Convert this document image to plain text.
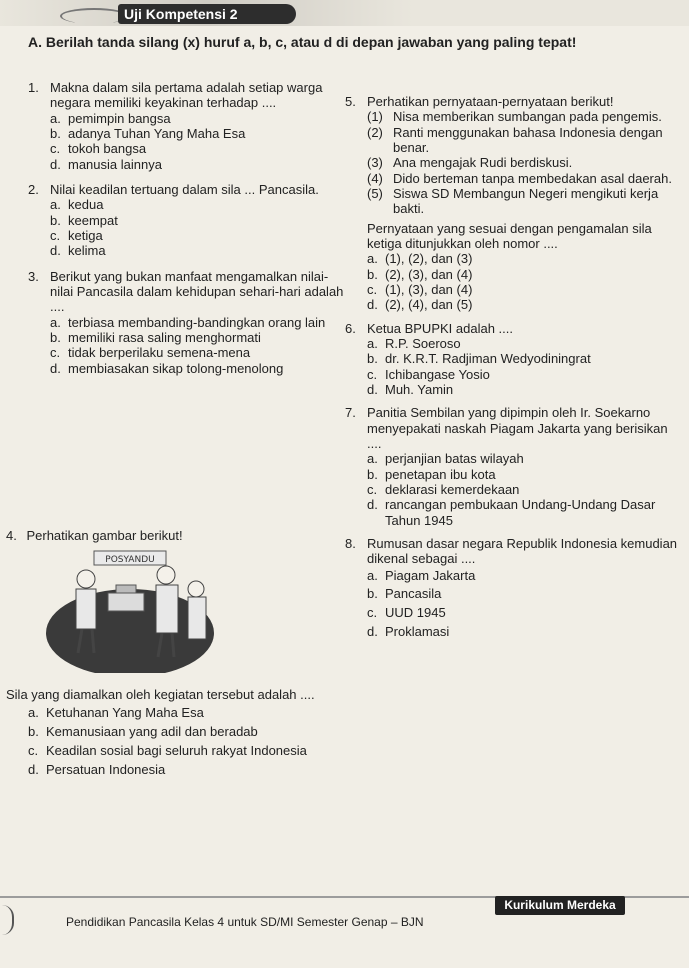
Uji Kompetensi 2
A. Berilah tanda silang (x) huruf a, b, c, atau d di depan jawaban yang paling tepat!
1. Makna dalam sila pertama adalah setiap warga negara memiliki keyakinan terhadap ....
a. pemimpin bangsa
b. adanya Tuhan Yang Maha Esa
c. tokoh bangsa
d. manusia lainnya
2. Nilai keadilan tertuang dalam sila ... Pancasila.
a. kedua
b. keempat
c. ketiga
d. kelima
3. Berikut yang bukan manfaat mengamalkan nilai-nilai Pancasila dalam kehidupan sehari-hari adalah ....
a. terbiasa membanding-bandingkan orang lain
b. memiliki rasa saling menghormati
c. tidak berperilaku semena-mena
d. membiasakan sikap tolong-menolong
4. Perhatikan gambar berikut!
POSYANDU
Sila yang diamalkan oleh kegiatan tersebut adalah ....
a. Ketuhanan Yang Maha Esa
b. Kemanusiaan yang adil dan beradab
c. Keadilan sosial bagi seluruh rakyat Indonesia
d. Persatuan Indonesia
5. Perhatikan pernyataan-pernyataan berikut!
(1) Nisa memberikan sumbangan pada pengemis.
(2) Ranti menggunakan bahasa Indonesia dengan benar.
(3) Ana mengajak Rudi berdiskusi.
(4) Dido berteman tanpa membedakan asal daerah.
(5) Siswa SD Membangun Negeri mengikuti kerja bakti.
Pernyataan yang sesuai dengan pengamalan sila ketiga ditunjukkan oleh nomor ....
a. (1), (2), dan (3)
b. (2), (3), dan (4)
c. (1), (3), dan (4)
d. (2), (4), dan (5)
6. Ketua BPUPKI adalah ....
a. R.P. Soeroso
b. dr. K.R.T. Radjiman Wedyodiningrat
c. Ichibangase Yosio
d. Muh. Yamin
7. Panitia Sembilan yang dipimpin oleh Ir. Soekarno menyepakati naskah Piagam Jakarta yang berisikan ....
a. perjanjian batas wilayah
b. penetapan ibu kota
c. deklarasi kemerdekaan
d. rancangan pembukaan Undang-Undang Dasar Tahun 1945
8. Rumusan dasar negara Republik Indonesia kemudian dikenal sebagai ....
a. Piagam Jakarta
b. Pancasila
c. UUD 1945
d. Proklamasi
Pendidikan Pancasila Kelas 4 untuk SD/MI Semester Genap – BJN
Kurikulum Merdeka
